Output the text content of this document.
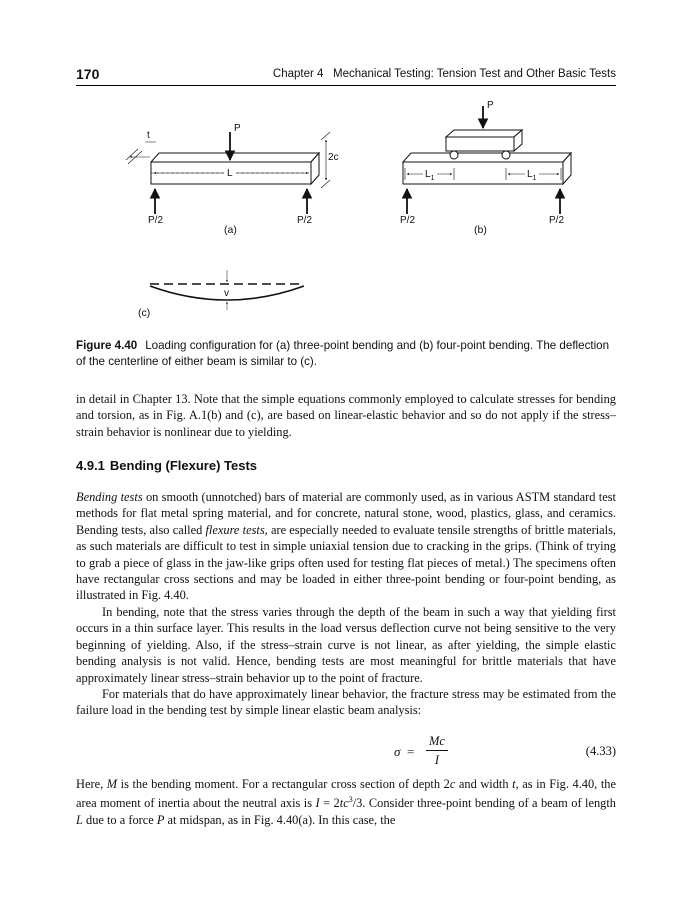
170	Chapter 4   Mechanical Testing: Tension Test and Other Basic Tests
t
P
2c
L
P/2	P/2
(a)
P
$L_1$	$L_1$
P/2	P/2
(b)
v
(c)
Figure 4.40 Loading configuration for (a) three-point bending and (b) four-point bending. The deflection of the centerline of either beam is similar to (c).

in detail in Chapter 13. Note that the simple equations commonly employed to calculate stresses for bending and torsion, as in Fig. A.1(b) and (c), are based on linear-elastic behavior and so do not apply if the stress–strain behavior is nonlinear due to yielding.

4.9.1 Bending (Flexure) Tests

Bending tests on smooth (unnotched) bars of material are commonly used, as in various ASTM standard test methods for flat metal spring material, and for concrete, natural stone, wood, plastics, glass, and ceramics. Bending tests, also called flexure tests, are especially needed to evaluate tensile strengths of brittle materials, as such materials are difficult to test in simple uniaxial tension due to cracking in the grips. (Think of trying to grab a piece of glass in the jaw-like grips often used for testing flat pieces of metal.) The specimens often have rectangular cross sections and may be loaded in either three-point bending or four-point bending, as illustrated in Fig. 4.40.

In bending, note that the stress varies through the depth of the beam in such a way that yielding first occurs in a thin surface layer. This results in the load versus deflection curve not being sensitive to the very beginning of yielding. Also, if the stress–strain curve is not linear, as after yielding, the simple elastic bending analysis is not valid. Hence, bending tests are most meaningful for brittle materials that have approximately linear stress–strain behavior up to the point of fracture.

For materials that do have approximately linear behavior, the fracture stress may be estimated from the failure load in the bending test by simple linear elastic beam analysis:

σ =
Mc
I
(4.33)

Here, M is the bending moment. For a rectangular cross section of depth 2c and width t, as in Fig. 4.40, the area moment of inertia about the neutral axis is $I = 2tc^3/3$. Consider three-point bending of a beam of length L due to a force P at midspan, as in Fig. 4.40(a). In this case, the
